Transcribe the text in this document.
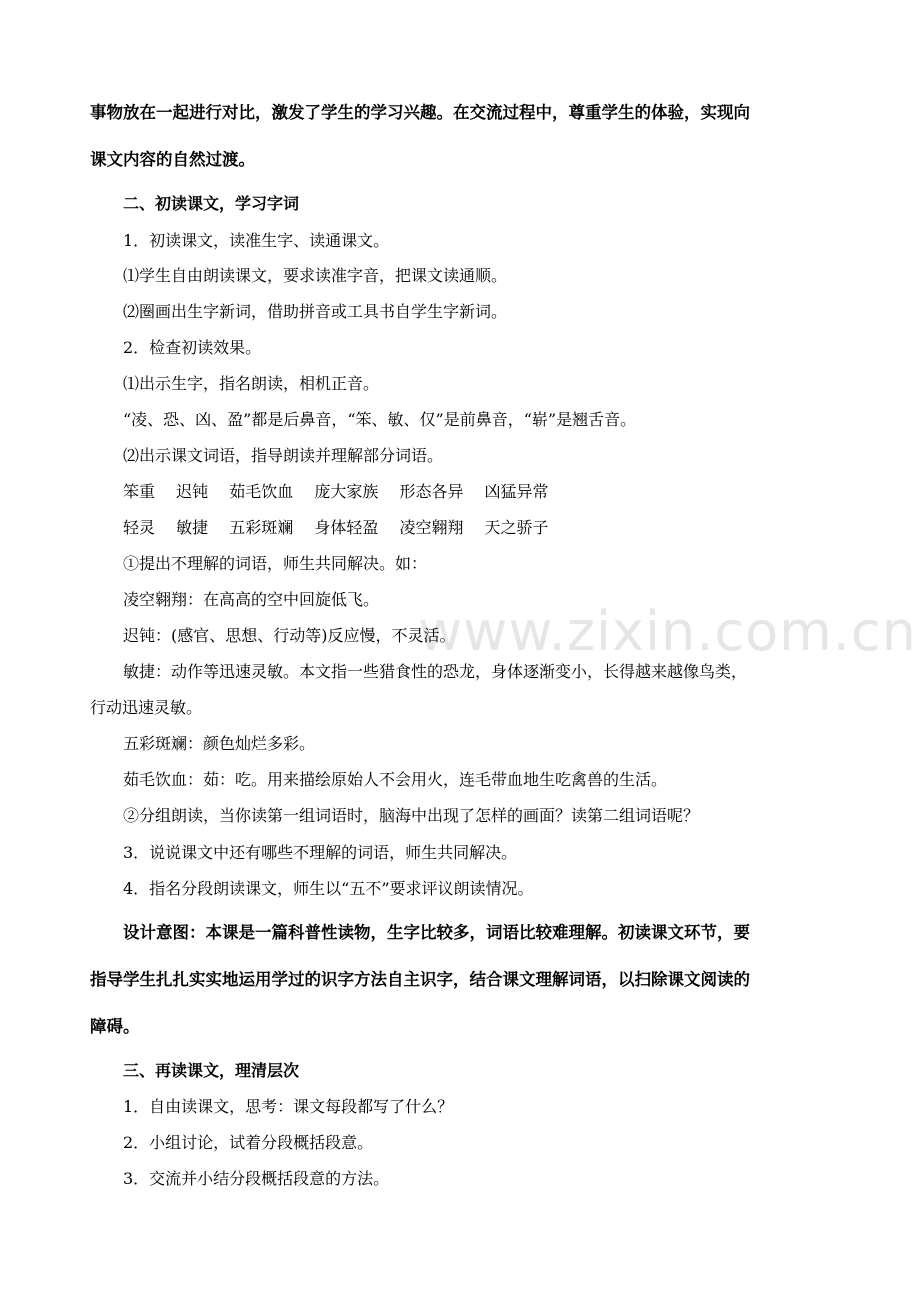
www.zixin.com.cn
事物放在一起进行对比，激发了学生的学习兴趣。在交流过程中，尊重学生的体验，实现向
课文内容的自然过渡。
二、初读课文，学习字词
1．初读课文，读准生字、读通课文。
⑴学生自由朗读课文，要求读准字音，把课文读通顺。
⑵圈画出生字新词，借助拼音或工具书自学生字新词。
2．检查初读效果。
⑴出示生字，指名朗读，相机正音。
“凌、恐、凶、盈”都是后鼻音，“笨、敏、仅”是前鼻音，“崭”是翘舌音。
⑵出示课文词语，指导朗读并理解部分词语。
笨重 迟钝 茹毛饮血 庞大家族 形态各异 凶猛异常
轻灵 敏捷 五彩斑斓 身体轻盈 凌空翱翔 天之骄子
①提出不理解的词语，师生共同解决。如：
凌空翱翔：在高高的空中回旋低飞。
迟钝：(感官、思想、行动等)反应慢，不灵活。
敏捷：动作等迅速灵敏。本文指一些猎食性的恐龙，身体逐渐变小，长得越来越像鸟类，
行动迅速灵敏。
五彩斑斓：颜色灿烂多彩。
茹毛饮血：茹：吃。用来描绘原始人不会用火，连毛带血地生吃禽兽的生活。
②分组朗读，当你读第一组词语时，脑海中出现了怎样的画面？读第二组词语呢？
3．说说课文中还有哪些不理解的词语，师生共同解决。
4．指名分段朗读课文，师生以“五不”要求评议朗读情况。
设计意图：本课是一篇科普性读物，生字比较多，词语比较难理解。初读课文环节，要
指导学生扎扎实实地运用学过的识字方法自主识字，结合课文理解词语，以扫除课文阅读的
障碍。
三、再读课文，理清层次
1．自由读课文，思考：课文每段都写了什么？
2．小组讨论，试着分段概括段意。
3．交流并小结分段概括段意的方法。
